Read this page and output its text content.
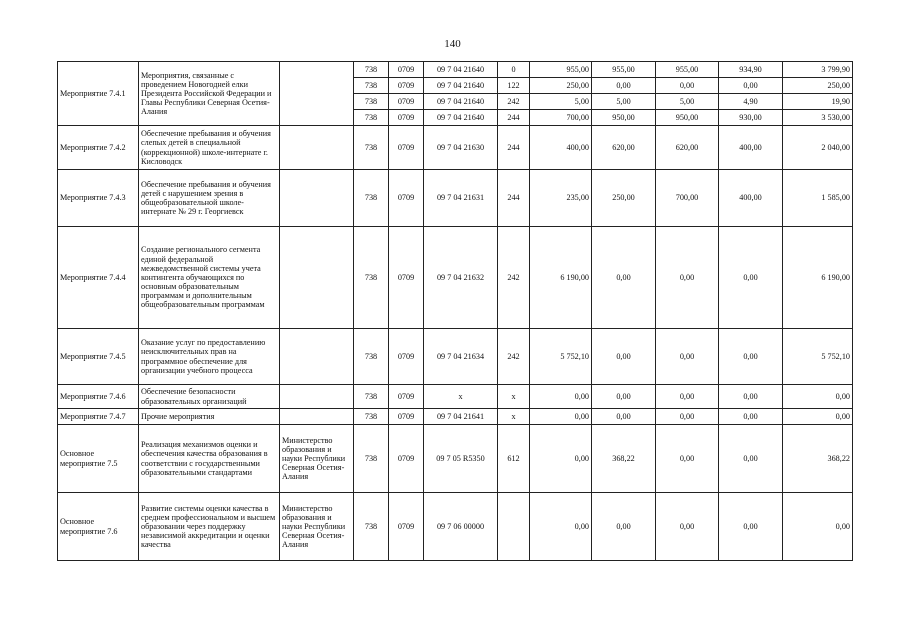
140
Мероприятие 7.4.1	Мероприятия, связанные с проведением Новогодней елки Президента Российской Федерации и Главы Республики Северная Осетия-Алания		738	0709	09 7 04 21640	0	955,00	955,00	955,00	934,90	3 799,90
			738	0709	09 7 04 21640	122	250,00	0,00	0,00	0,00	250,00
			738	0709	09 7 04 21640	242	5,00	5,00	5,00	4,90	19,90
			738	0709	09 7 04 21640	244	700,00	950,00	950,00	930,00	3 530,00
Мероприятие 7.4.2	Обеспечение пребывания и обучения слепых детей в специальной (коррекционной) школе-интернате г. Кисловодск		738	0709	09 7 04 21630	244	400,00	620,00	620,00	400,00	2 040,00
Мероприятие 7.4.3	Обеспечение пребывания и обучения детей с нарушением зрения в общеобразовательной школе-интернате № 29 г. Георгиевск		738	0709	09 7 04 21631	244	235,00	250,00	700,00	400,00	1 585,00
Мероприятие 7.4.4	Создание регионального сегмента единой федеральной межведомственной системы учета контингента обучающихся по основным образовательным программам и дополнительным общеобразовательным программам		738	0709	09 7 04 21632	242	6 190,00	0,00	0,00	0,00	6 190,00
Мероприятие 7.4.5	Оказание услуг по предоставлению неисключительных прав на программное обеспечение для организации учебного процесса		738	0709	09 7 04 21634	242	5 752,10	0,00	0,00	0,00	5 752,10
Мероприятие 7.4.6	Обеспечение безопасности образовательных организаций		738	0709	х	х	0,00	0,00	0,00	0,00	0,00
Мероприятие 7.4.7	Прочие мероприятия		738	0709	09 7 04 21641	х	0,00	0,00	0,00	0,00	0,00
Основное мероприятие 7.5	Реализация механизмов оценки и обеспечения качества образования в соответствии с государственными образовательными стандартами	Министерство образования и науки Республики Северная Осетия-Алания	738	0709	09 7 05 R5350	612	0,00	368,22	0,00	0,00	368,22
Основное мероприятие 7.6	Развитие системы оценки качества в среднем профессиональном и высшем образовании через поддержку независимой аккредитации и оценки качества	Министерство образования и науки Республики Северная Осетия-Алания	738	0709	09 7 06 00000		0,00	0,00	0,00	0,00	0,00
